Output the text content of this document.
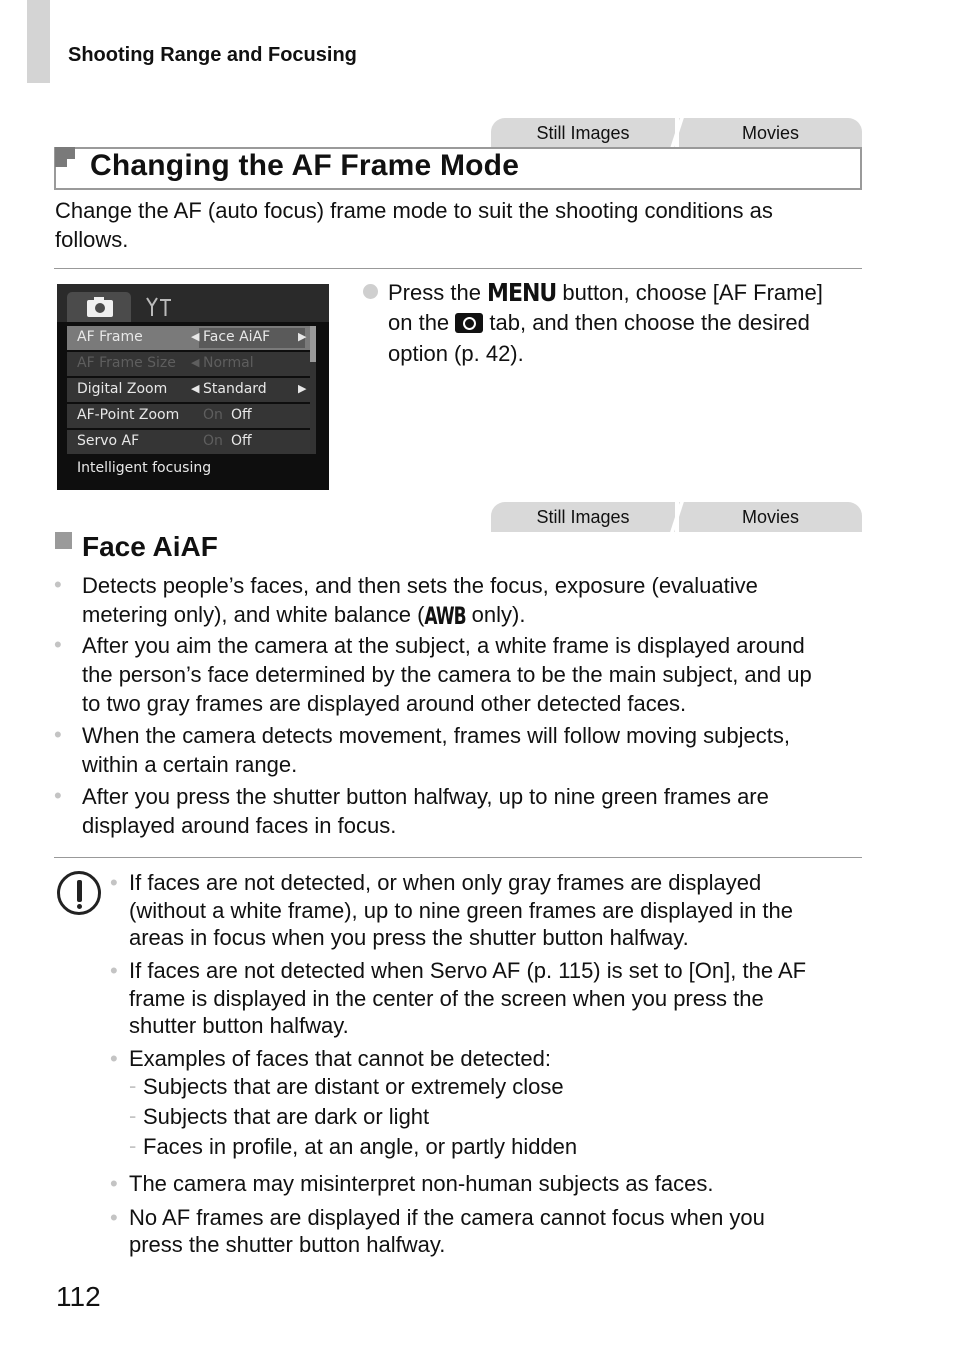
Shooting Range and Focusing
Still Images	Movies
Changing the AF Frame Mode
Change the AF (auto focus) frame mode to suit the shooting conditions as
follows.
AF Frame	◀ Face AiAF	▶
AF Frame Size ◀ Normal
Digital Zoom ◀ Standard	▶
AF-Point Zoom On Off
Servo AF	On Off
Intelligent focusing
Press the MENU button, choose [AF Frame]
on the  tab, and then choose the desired
option (p. 42).
Still Images	Movies
Face AiAF
• Detects people’s faces, and then sets the focus, exposure (evaluative
metering only), and white balance (AWB only).
• After you aim the camera at the subject, a white frame is displayed around
the person’s face determined by the camera to be the main subject, and up
to two gray frames are displayed around other detected faces.
• When the camera detects movement, frames will follow moving subjects,
within a certain range.
• After you press the shutter button halfway, up to nine green frames are
displayed around faces in focus.
• If faces are not detected, or when only gray frames are displayed
(without a white frame), up to nine green frames are displayed in the
areas in focus when you press the shutter button halfway.
• If faces are not detected when Servo AF (p. 115) is set to [On], the AF
frame is displayed in the center of the screen when you press the
shutter button halfway.
• Examples of faces that cannot be detected:
- Subjects that are distant or extremely close
- Subjects that are dark or light
- Faces in profile, at an angle, or partly hidden
• The camera may misinterpret non-human subjects as faces.
• No AF frames are displayed if the camera cannot focus when you
press the shutter button halfway.
112
